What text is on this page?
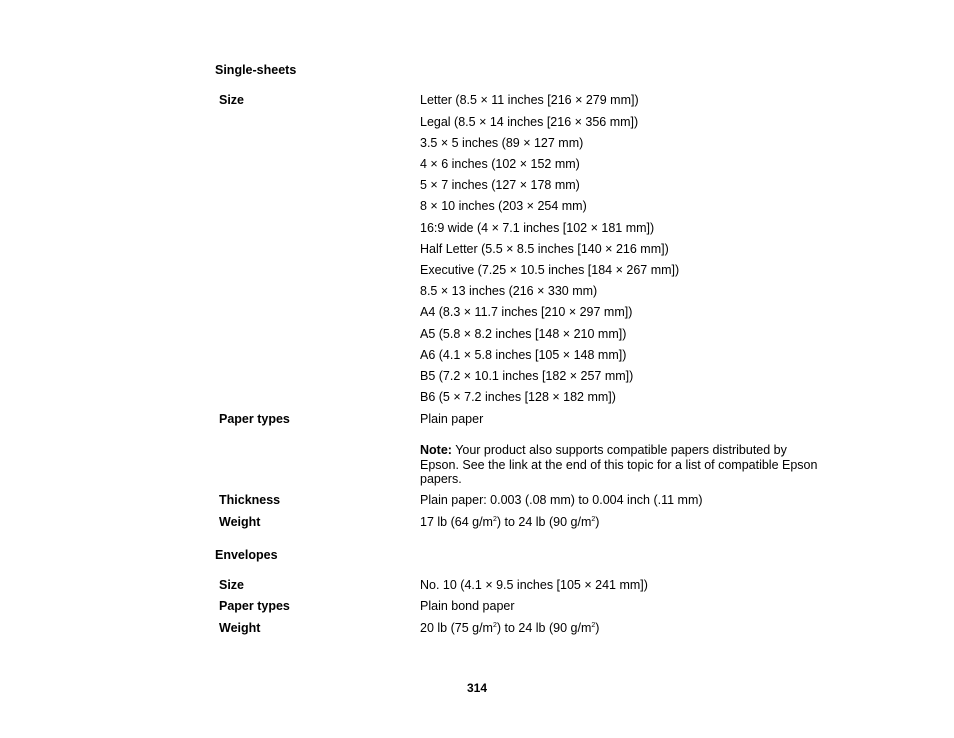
Single-sheets
Size	Letter (8.5 × 11 inches [216 × 279 mm])
Legal (8.5 × 14 inches [216 × 356 mm])
3.5 × 5 inches (89 × 127 mm)
4 × 6 inches (102 × 152 mm)
5 × 7 inches (127 × 178 mm)
8 × 10 inches (203 × 254 mm)
16:9 wide (4 × 7.1 inches [102 × 181 mm])
Half Letter (5.5 × 8.5 inches [140 × 216 mm])
Executive (7.25 × 10.5 inches [184 × 267 mm])
8.5 × 13 inches (216 × 330 mm)
A4 (8.3 × 11.7 inches [210 × 297 mm])
A5 (5.8 × 8.2 inches [148 × 210 mm])
A6 (4.1 × 5.8 inches [105 × 148 mm])
B5 (7.2 × 10.1 inches [182 × 257 mm])
B6 (5 × 7.2 inches [128 × 182 mm])
Paper types	Plain paper
Note: Your product also supports compatible papers distributed by Epson. See the link at the end of this topic for a list of compatible Epson papers.
Thickness	Plain paper: 0.003 (.08 mm) to 0.004 inch (.11 mm)
Weight	17 lb (64 $g/m^2$) to 24 lb (90 $g/m^2$)
Envelopes
Size	No. 10 (4.1 × 9.5 inches [105 × 241 mm])
Paper types	Plain bond paper
Weight	20 lb (75 $g/m^2$) to 24 lb (90 $g/m^2$)
314
